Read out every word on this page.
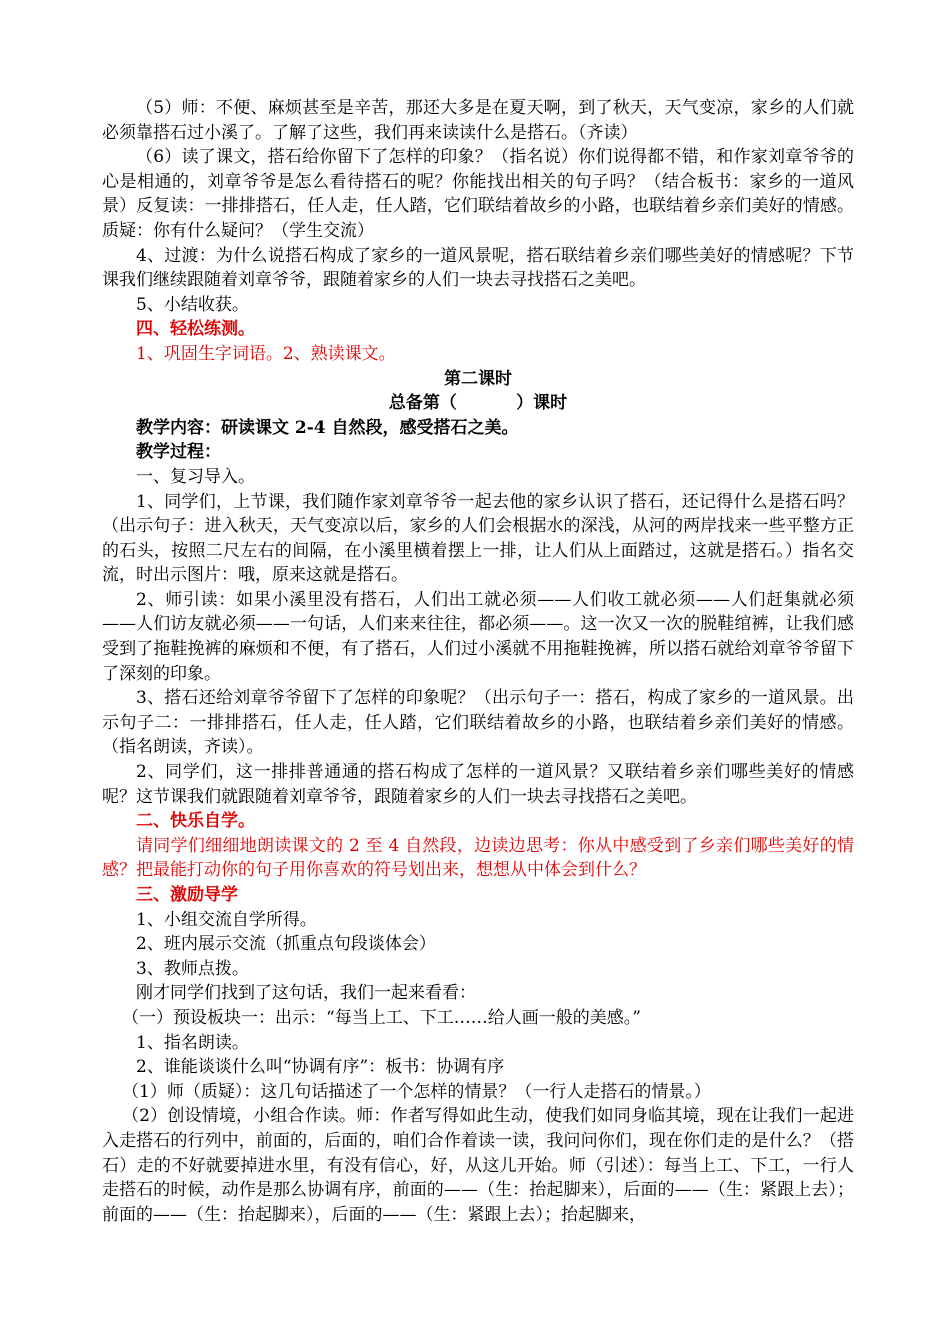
（5）师：不便、麻烦甚至是辛苦，那还大多是在夏天啊，到了秋天，天气变凉，家乡的人们就必须靠搭石过小溪了。了解了这些，我们再来读读什么是搭石。（齐读）

（6）读了课文，搭石给你留下了怎样的印象？（指名说）你们说得都不错，和作家刘章爷爷的心是相通的，刘章爷爷是怎么看待搭石的呢？你能找出相关的句子吗？（结合板书：家乡的一道风景）反复读：一排排搭石，任人走，任人踏，它们联结着故乡的小路，也联结着乡亲们美好的情感。质疑：你有什么疑问？（学生交流）

4、过渡：为什么说搭石构成了家乡的一道风景呢，搭石联结着乡亲们哪些美好的情感呢？下节课我们继续跟随着刘章爷爷，跟随着家乡的人们一块去寻找搭石之美吧。

5、小结收获。

四、轻松练测。

1、巩固生字词语。2、熟读课文。

第二课时

总备第（          ）课时

教学内容：研读课文 2-4 自然段，感受搭石之美。

教学过程：

一、复习导入。

1、同学们，上节课，我们随作家刘章爷爷一起去他的家乡认识了搭石，还记得什么是搭石吗？（出示句子：进入秋天，天气变凉以后，家乡的人们会根据水的深浅，从河的两岸找来一些平整方正的石头，按照二尺左右的间隔，在小溪里横着摆上一排，让人们从上面踏过，这就是搭石。）指名交流，时出示图片：哦，原来这就是搭石。

2、师引读：如果小溪里没有搭石，人们出工就必须——人们收工就必须——人们赶集就必须——人们访友就必须——一句话，人们来来往往，都必须——。这一次又一次的脱鞋绾裤，让我们感受到了拖鞋挽裤的麻烦和不便，有了搭石，人们过小溪就不用拖鞋挽裤，所以搭石就给刘章爷爷留下了深刻的印象。

3、搭石还给刘章爷爷留下了怎样的印象呢？（出示句子一：搭石，构成了家乡的一道风景。出示句子二：一排排搭石，任人走，任人踏，它们联结着故乡的小路，也联结着乡亲们美好的情感。（指名朗读，齐读）。

2、同学们，这一排排普通通的搭石构成了怎样的一道风景？又联结着乡亲们哪些美好的情感呢？这节课我们就跟随着刘章爷爷，跟随着家乡的人们一块去寻找搭石之美吧。

二、快乐自学。

请同学们细细地朗读课文的 2 至 4 自然段，边读边思考：你从中感受到了乡亲们哪些美好的情感？把最能打动你的句子用你喜欢的符号划出来，想想从中体会到什么？

三、激励导学

1、小组交流自学所得。

2、班内展示交流（抓重点句段谈体会）

3、教师点拨。

刚才同学们找到了这句话，我们一起来看看：

（一）预设板块一：出示：“每当上工、下工……给人画一般的美感。”

1、指名朗读。

2、谁能谈谈什么叫“协调有序”：板书：协调有序

（1）师（质疑）：这几句话描述了一个怎样的情景？（一行人走搭石的情景。）

（2）创设情境，小组合作读。师：作者写得如此生动，使我们如同身临其境，现在让我们一起进入走搭石的行列中，前面的，后面的，咱们合作着读一读，我问问你们，现在你们走的是什么？（搭石）走的不好就要掉进水里，有没有信心，好，从这儿开始。师（引述）：每当上工、下工，一行人走搭石的时候，动作是那么协调有序，前面的——（生：抬起脚来），后面的——（生：紧跟上去）；前面的——（生：抬起脚来），后面的——（生：紧跟上去）；抬起脚来，
